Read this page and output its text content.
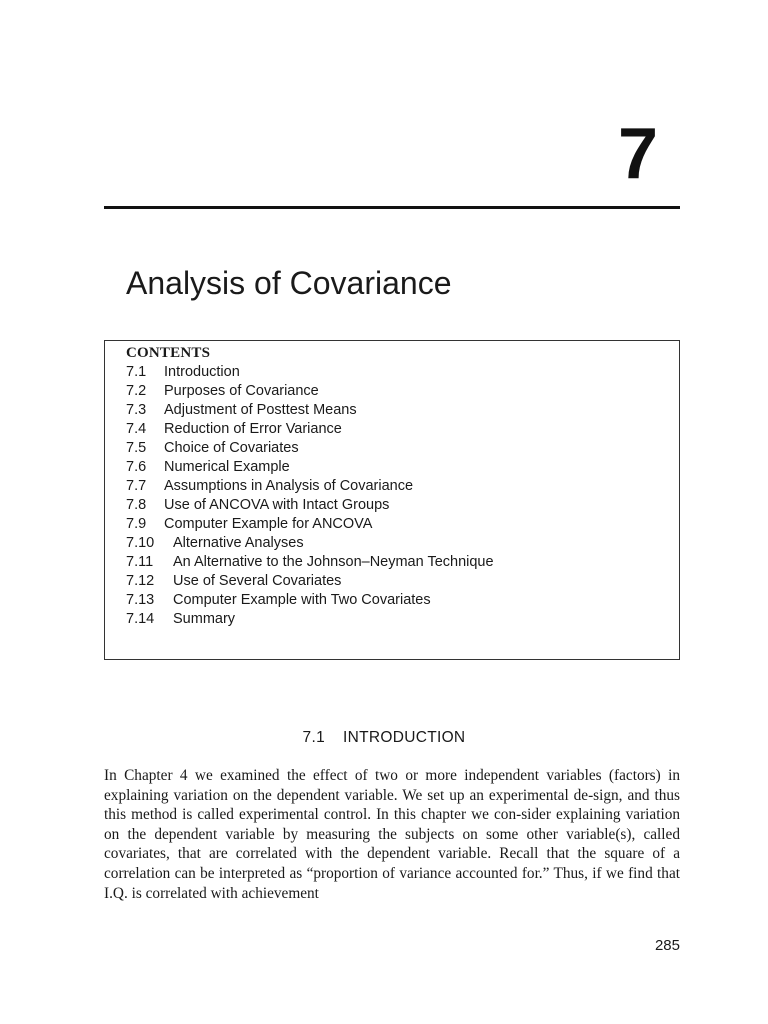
7
Analysis of Covariance
CONTENTS
7.1 Introduction
7.2 Purposes of Covariance
7.3 Adjustment of Posttest Means
7.4 Reduction of Error Variance
7.5 Choice of Covariates
7.6 Numerical Example
7.7 Assumptions in Analysis of Covariance
7.8 Use of ANCOVA with Intact Groups
7.9 Computer Example for ANCOVA
7.10 Alternative Analyses
7.11 An Alternative to the Johnson–Neyman Technique
7.12 Use of Several Covariates
7.13 Computer Example with Two Covariates
7.14 Summary
7.1 INTRODUCTION

In Chapter 4 we examined the effect of two or more independent variables (factors) in explaining variation on the dependent variable. We set up an experimental de-sign, and thus this method is called experimental control. In this chapter we con-sider explaining variation on the dependent variable by measuring the subjects on some other variable(s), called covariates, that are correlated with the dependent variable. Recall that the square of a correlation can be interpreted as “proportion of variance accounted for.” Thus, if we find that I.Q. is correlated with achievement

285
